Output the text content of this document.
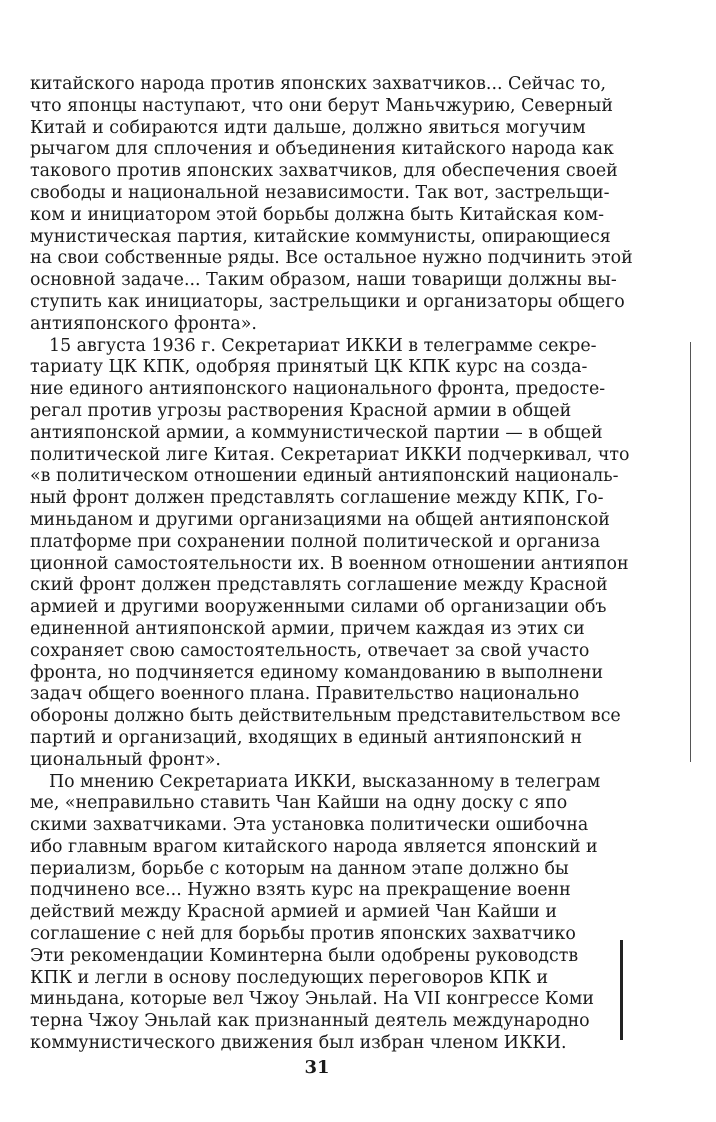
китайского народа против японских захватчиков... Сейчас то,
что японцы наступают, что они берут Маньчжурию, Северный
Китай и собираются идти дальше, должно явиться могучим
рычагом для сплочения и объединения китайского народа как
такового против японских захватчиков, для обеспечения своей
свободы и национальной независимости. Так вот, застрельщи-
ком и инициатором этой борьбы должна быть Китайская ком-
мунистическая партия, китайские коммунисты, опирающиеся
на свои собственные ряды. Все остальное нужно подчинить этой
основной задаче... Таким образом, наши товарищи должны вы-
ступить как инициаторы, застрельщики и организаторы общего
антияпонского фронта».

15 августа 1936 г. Секретариат ИККИ в телеграмме секре-
тариату ЦК КПК, одобряя принятый ЦК КПК курс на созда-
ние единого антияпонского национального фронта, предосте-
регал против угрозы растворения Красной армии в общей
антияпонской армии, а коммунистической партии — в общей
политической лиге Китая. Секретариат ИККИ подчеркивал, что
«в политическом отношении единый антияпонский националь-
ный фронт должен представлять соглашение между КПК, Го-
миньданом и другими организациями на общей антияпонской
платформе при сохранении полной политической и организа
ционной самостоятельности их. В военном отношении антияпон
ский фронт должен представлять соглашение между Красной
армией и другими вооруженными силами об организации объ
единенной антияпонской армии, причем каждая из этих си
сохраняет свою самостоятельность, отвечает за свой участо
фронта, но подчиняется единому командованию в выполнени
задач общего военного плана. Правительство национально
обороны должно быть действительным представительством все
партий и организаций, входящих в единый антияпонский н
циональный фронт».

По мнению Секретариата ИККИ, высказанному в телеграм
ме, «неправильно ставить Чан Кайши на одну доску с япо
скими захватчиками. Эта установка политически ошибочна
ибо главным врагом китайского народа является японский и
периализм, борьбе с которым на данном этапе должно бы
подчинено все... Нужно взять курс на прекращение военн
действий между Красной армией и армией Чан Кайши и
соглашение с ней для борьбы против японских захватчико
Эти рекомендации Коминтерна были одобрены руководств
КПК и легли в основу последующих переговоров КПК и
миньдана, которые вел Чжоу Эньлай. На VII конгрессе Коми
терна Чжоу Эньлай как признанный деятель международно
коммунистического движения был избран членом ИККИ.

31
